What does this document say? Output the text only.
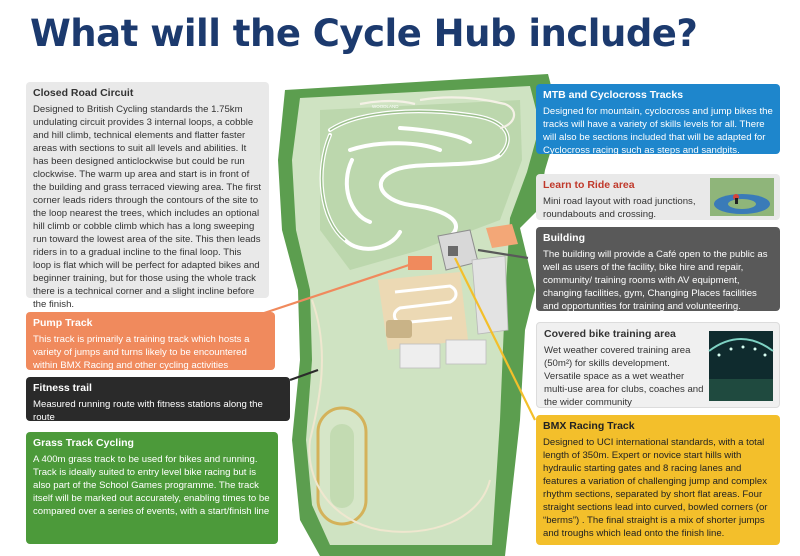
WOODLAND
What will the Cycle Hub include?
Closed Road Circuit

Designed to British Cycling standards the 1.75km undulating circuit provides 3 internal loops, a cobble and hill climb, technical elements and flatter faster areas with sections to suit all levels and abilities. It has been designed anticlockwise but could be run clockwise. The warm up area and start is in front of the building and grass terraced viewing area. The first corner leads riders through the contours of the site to the loop nearest the trees, which includes an optional hill climb or cobble climb which has a long sweeping run toward the lowest area of the site. This then leads riders in to a gradual incline to the final loop. This loop is flat which will be perfect for adapted bikes and beginner training, but for those using the whole track there is a technical corner and a slight incline before the finish.

MTB and Cyclocross Tracks

Designed for mountain, cyclocross and jump bikes the tracks will have a variety of skills levels for all. There will also be sections included that will be adapted for Cyclocross racing such as steps and sandpits.

Learn to Ride area

Mini road layout with road junctions, roundabouts and crossing.

Building

The building will provide a Café open to the public as well as users of the facility, bike hire and repair, community/ training rooms with AV equipment, changing facilities, gym, Changing Places facilities and opportunities for training and volunteering.

Pump Track

This track is primarily a training track which hosts a variety of jumps and turns likely to be encountered within BMX Racing and other cycling activities

Covered bike training area

Wet weather covered training area (50m²) for skills development. Versatile space as a wet weather multi-use area for clubs, coaches and the wider community

Fitness trail

Measured running route with fitness stations along the route

BMX Racing Track

Designed to UCI international standards, with a total length of 350m. Expert or novice start hills with hydraulic starting gates and 8 racing lanes and features a variation of challenging jump and complex rhythm sections, separated by short flat areas. Four straight sections lead into curved, bowled corners (or “berms”) . The final straight is a mix of shorter jumps and troughs which lead onto the finish line.

Grass Track Cycling

A 400m grass track to be used for bikes and running. Track is ideally suited to entry level bike racing but is also part of the School Games programme. The track itself will be marked out accurately, enabling times to be compared over a series of events, with a start/finish line
